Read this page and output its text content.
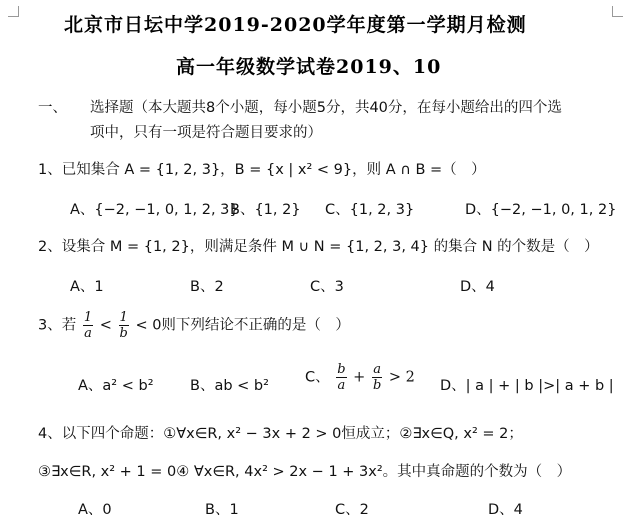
北京市日坛中学2019-2020学年度第一学期月检测
高一年级数学试卷2019、10
一、 选择题（本大题共8个小题，每小题5分，共40分，在每小题给出的四个选
项中，只有一项是符合题目要求的）
1、已知集合 A = {1, 2, 3}，B = {x | x² < 9}，则 A ∩ B =（　）
A、{−2, −1, 0, 1, 2, 3}
B、{1, 2} C、{1, 2, 3}	D、{−2, −1, 0, 1, 2}
2、设集合 M = {1, 2}，则满足条件 M ∪ N = {1, 2, 3, 4} 的集合 N 的个数是（　）
A、1	B、2	C、3	D、4
3、若 $\frac{1}{a} < \frac{1}{b} < 0$则下列结论不正确的是（　）
A、a² < b²	B、ab < b²
C、 $\frac{b}{a} + \frac{a}{b} > 2$
D、| a | + | b |>| a + b |
4、以下四个命题：①∀x∈R, x² − 3x + 2 > 0恒成立；②∃x∈Q, x² = 2；
③∃x∈R, x² + 1 = 0④ ∀x∈R, 4x² > 2x − 1 + 3x²。其中真命题的个数为（　）
A、0	B、1	C、2	D、4
